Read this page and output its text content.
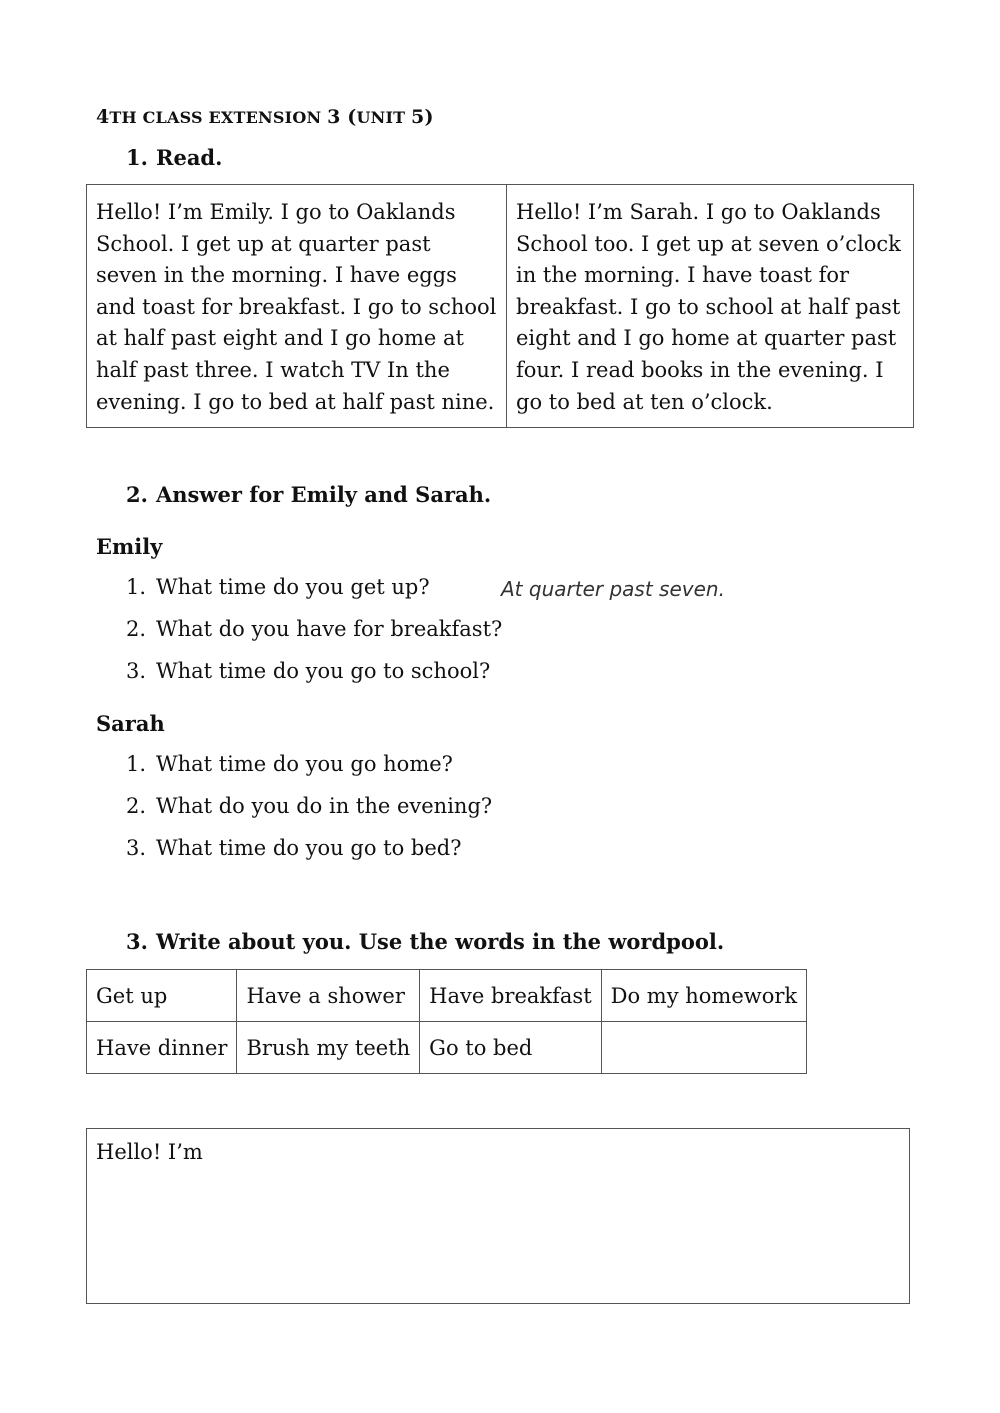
4TH CLASS EXTENSION 3 (UNIT 5)
1. Read.
Hello! I’m Emily. I go to Oaklands School. I get up at quarter past seven in the morning. I have eggs and toast for breakfast. I go to school at half past eight and I go home at half past three. I watch TV In the evening. I go to bed at half past nine.	Hello! I’m Sarah. I go to Oaklands School too. I get up at seven o’clock in the morning. I have toast for breakfast. I go to school at half past eight and I go home at quarter past four. I read books in the evening. I go to bed at ten o’clock.
2. Answer for Emily and Sarah.
Emily
1. What time do you get up?	At quarter past seven.
2. What do you have for breakfast?
3. What time do you go to school?
Sarah
1. What time do you go home?
2. What do you do in the evening?
3. What time do you go to bed?
3. Write about you. Use the words in the wordpool.
Get up	Have a shower	Have breakfast	Do my homework
Have dinner	Brush my teeth	Go to bed	
Hello! I’m
